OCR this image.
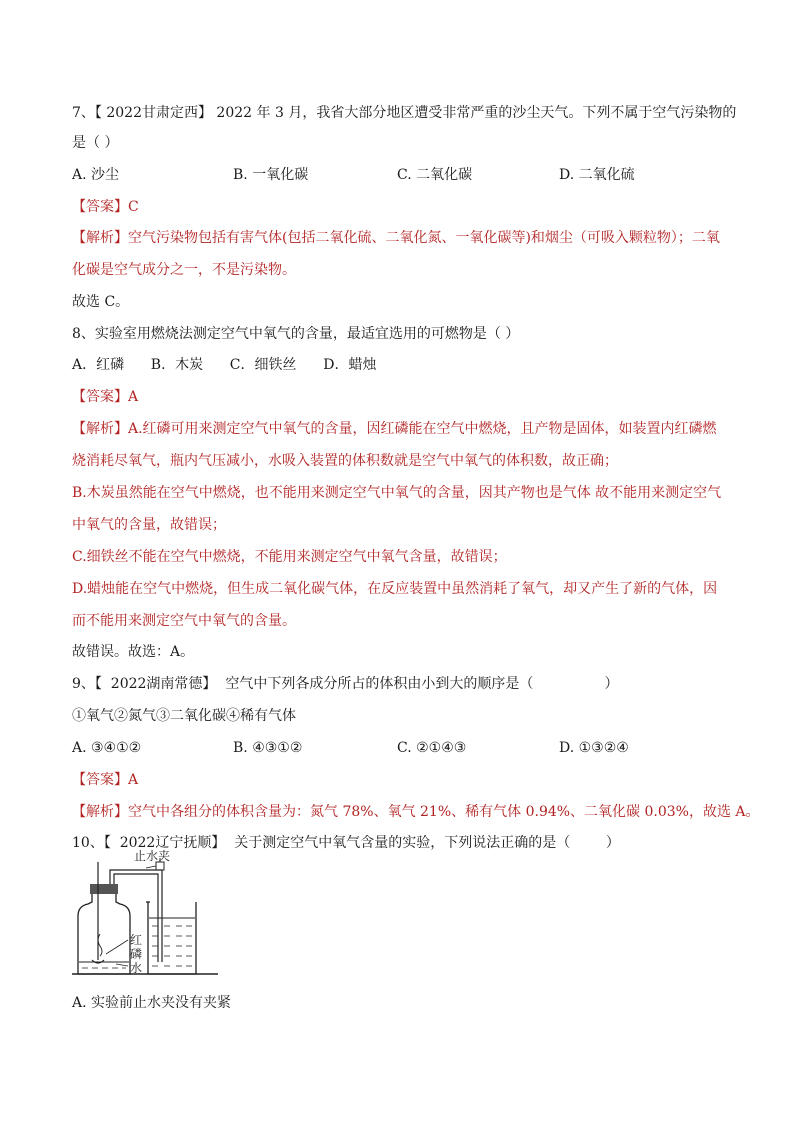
7、【 2022甘肃定西】 2022 年 3 月，我省大部分地区遭受非常严重的沙尘天气。下列不属于空气污染物的
是（ ）
A. 沙尘	B. 一氧化碳	C. 二氧化碳	D. 二氧化硫
【答案】C
【解析】空气污染物包括有害气体(包括二氧化硫、二氧化氮、一氧化碳等)和烟尘（可吸入颗粒物）；二氧
化碳是空气成分之一，不是污染物。
故选 C。
8、实验室用燃烧法测定空气中氧气的含量，最适宜选用的可燃物是（ ）
A．红磷      B．木炭      C．细铁丝      D．蜡烛
【答案】A
【解析】A.红磷可用来测定空气中氧气的含量，因红磷能在空气中燃烧，且产物是固体，如装置内红磷燃
烧消耗尽氧气，瓶内气压减小，水吸入装置的体积数就是空气中氧气的体积数，故正确；
B.木炭虽然能在空气中燃烧，也不能用来测定空气中氧气的含量，因其产物也是气体 故不能用来测定空气
中氧气的含量，故错误；
C.细铁丝不能在空气中燃烧，不能用来测定空气中氧气含量，故错误；
D.蜡烛能在空气中燃烧，但生成二氧化碳气体，在反应装置中虽然消耗了氧气，却又产生了新的气体，因
而不能用来测定空气中氧气的含量。
故错误。故选：A。
9、【  2022湖南常德】  空气中下列各成分所占的体积由小到大的顺序是（                ）
①氧气②氮气③二氧化碳④稀有气体
A. ③④①②	B. ④③①②	C. ②①④③	D. ①③②④
【答案】A
【解析】空气中各组分的体积含量为：氮气 78%、氧气 21%、稀有气体 0.94%、二氧化碳 0.03%，故选 A。
10、【  2022辽宁抚顺】  关于测定空气中氧气含量的实验，下列说法正确的是（        ）
止水夹
红
磷
水
A. 实验前止水夹没有夹紧
